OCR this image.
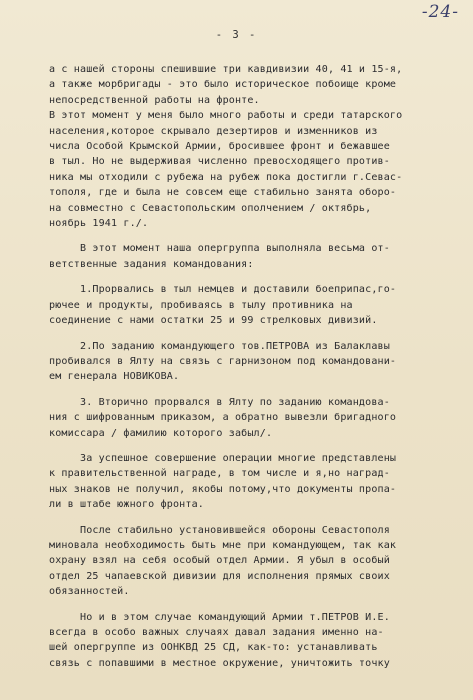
-24-
- 3 -

а с нашей стороны спешившие три кавдивизии 40, 41 и 15-я,

а также морбригады - это было историческое побоище кроме

непосредственной работы на фронте.

В этот момент у меня было много работы и среди татарского

населения,которое скрывало дезертиров и изменников из

числа Особой Крымской Армии, бросившее фронт и бежавшее

в тыл. Но не выдерживая численно превосходящего против-

ника мы отходили с рубежа на рубеж пока достигли г.Севас-

тополя, где и была не совсем еще стабильно занята оборо-

на совместно с Севастопольским ополчением / октябрь,

ноябрь 1941 г./.

В этот момент наша опергруппа выполняла весьма от-

ветственные задания командования:

1.Прорвались в тыл немцев и доставили боеприпас,го-

рючее и продукты, пробиваясь в тылу противника на

соединение с нами остатки 25 и 99 стрелковых дивизий.

2.По заданию командующего тов.ПЕТРОВА из Балаклавы

пробивался в Ялту на связь с гарнизоном под командовани-

ем генерала НОВИКОВА.

3. Вторично прорвался в Ялту по заданию командова-

ния с шифрованным приказом, а обратно вывезли бригадного

комиссара / фамилию которого забыл/.

За успешное совершение операции многие представлены

к правительственной награде, в том числе и я,но наград-

ных знаков не получил, якобы потому,что документы пропа-

ли в штабе южного фронта.

После стабильно установившейся обороны Севастополя

миновала необходимость быть мне при командующем, так как

охрану взял на себя особый отдел Армии. Я убыл в особый

отдел 25 чапаевской дивизии для исполнения прямых своих

обязанностей.

Но и в этом случае командующий Армии т.ПЕТРОВ И.Е.

всегда в особо важных случаях давал задания именно на-

шей опергруппе из ООНКВД 25 СД, как-то: устанавливать

связь с попавшими в местное окружение, уничтожить точку
